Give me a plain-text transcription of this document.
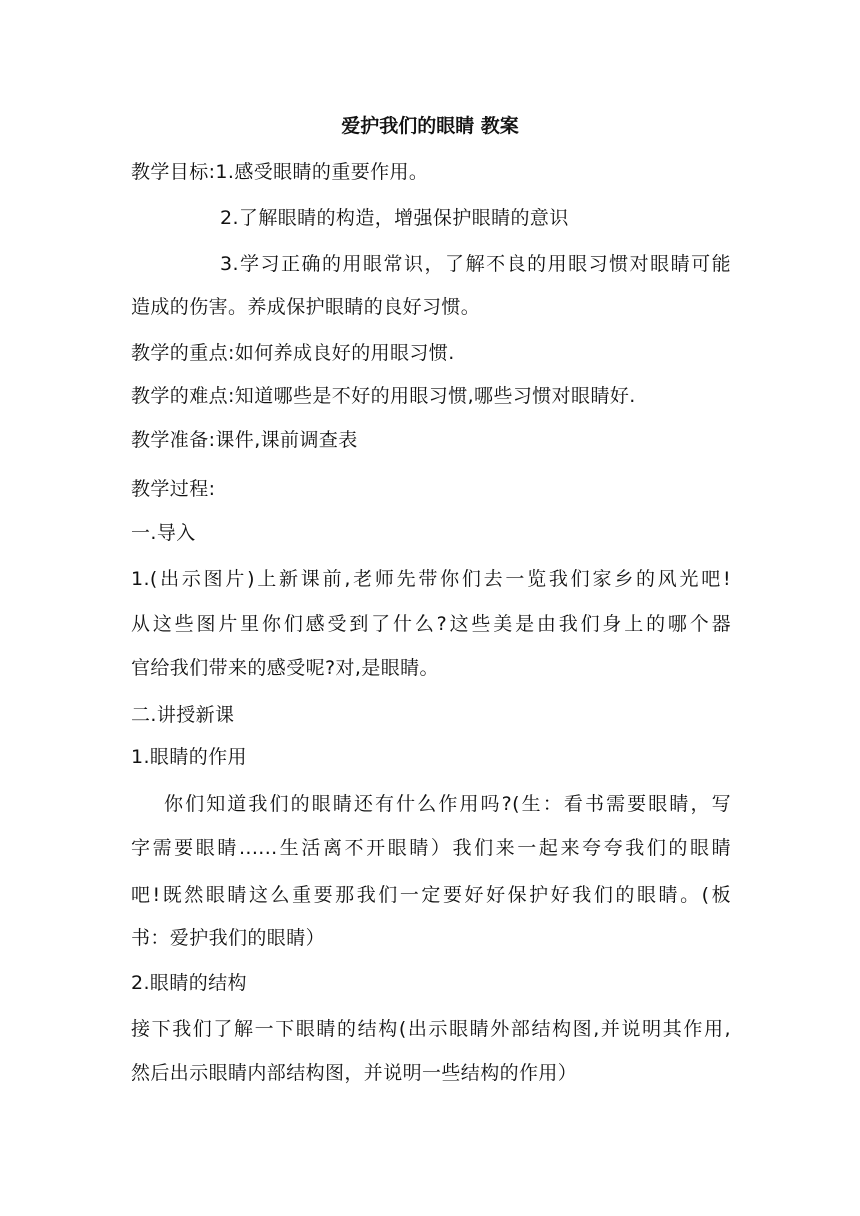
爱护我们的眼睛 教案
教学目标:1.感受眼睛的重要作用。
2.了解眼睛的构造，增强保护眼睛的意识
3.学习正确的用眼常识，了解不良的用眼习惯对眼睛可能
造成的伤害。养成保护眼睛的良好习惯。
教学的重点:如何养成良好的用眼习惯.
教学的难点:知道哪些是不好的用眼习惯,哪些习惯对眼睛好.
教学准备:课件,课前调查表
教学过程:
一.导入
1.(出示图片)上新课前,老师先带你们去一览我们家乡的风光吧!
从这些图片里你们感受到了什么?这些美是由我们身上的哪个器
官给我们带来的感受呢?对,是眼睛。
二.讲授新课
1.眼睛的作用
你们知道我们的眼睛还有什么作用吗?(生：看书需要眼睛，写
字需要眼睛......生活离不开眼睛）我们来一起来夸夸我们的眼睛
吧!既然眼睛这么重要那我们一定要好好保护好我们的眼睛。(板
书：爱护我们的眼睛）
2.眼睛的结构
接下我们了解一下眼睛的结构(出示眼睛外部结构图,并说明其作用,
然后出示眼睛内部结构图，并说明一些结构的作用）
